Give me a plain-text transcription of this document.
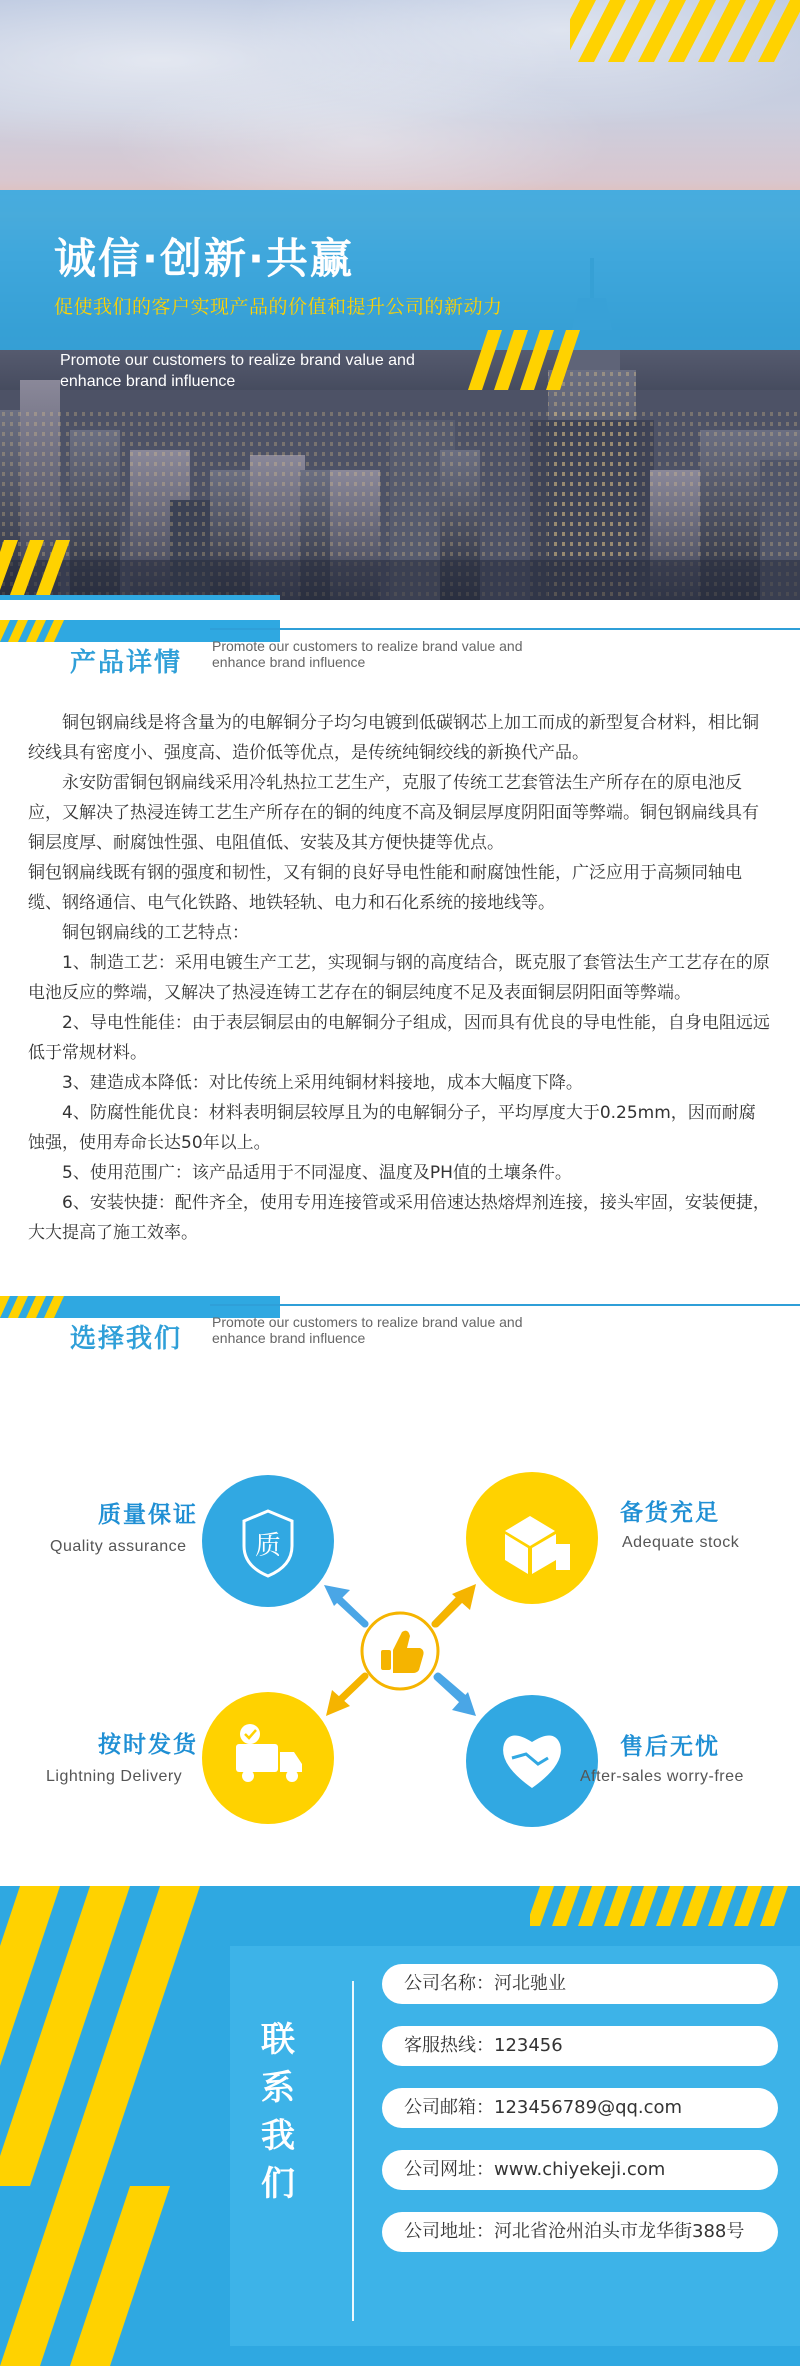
诚信·创新·共赢
促使我们的客户实现产品的价值和提升公司的新动力
Promote our customers to realize brand value and enhance brand influence
产品详情
Promote our customers to realize brand value and enhance brand influence

铜包钢扁线是将含量为的电解铜分子均匀电镀到低碳钢芯上加工而成的新型复合材料，相比铜绞线具有密度小、强度高、造价低等优点，是传统纯铜绞线的新换代产品。

永安防雷铜包钢扁线采用冷轧热拉工艺生产，克服了传统工艺套管法生产所存在的原电池反应，又解决了热浸连铸工艺生产所存在的铜的纯度不高及铜层厚度阴阳面等弊端。铜包钢扁线具有铜层度厚、耐腐蚀性强、电阻值低、安装及其方便快捷等优点。

铜包钢扁线既有钢的强度和韧性，又有铜的良好导电性能和耐腐蚀性能，广泛应用于高频同轴电缆、钢络通信、电气化铁路、地铁轻轨、电力和石化系统的接地线等。

铜包钢扁线的工艺特点：

1、制造工艺：采用电镀生产工艺，实现铜与钢的高度结合，既克服了套管法生产工艺存在的原电池反应的弊端，又解决了热浸连铸工艺存在的铜层纯度不足及表面铜层阴阳面等弊端。

2、导电性能佳：由于表层铜层由的电解铜分子组成，因而具有优良的导电性能，自身电阻远远低于常规材料。

3、建造成本降低：对比传统上采用纯铜材料接地，成本大幅度下降。

4、防腐性能优良：材料表明铜层较厚且为的电解铜分子，平均厚度大于0.25mm，因而耐腐蚀强，使用寿命长达50年以上。

5、使用范围广：该产品适用于不同湿度、温度及PH值的土壤条件。

6、安装快捷：配件齐全，使用专用连接管或采用倍速达热熔焊剂连接，接头牢固，安装便捷，大大提高了施工效率。

选择我们
Promote our customers to realize brand value and enhance brand influence
质
质量保证
Quality assurance
备货充足
Adequate stock
按时发货
Lightning Delivery
售后无忧
After-sales worry-free
联
系
我
们
公司名称：河北驰业
客服热线：123456
公司邮箱：123456789@qq.com
公司网址：www.chiyekeji.com
公司地址：河北省沧州泊头市龙华街388号
